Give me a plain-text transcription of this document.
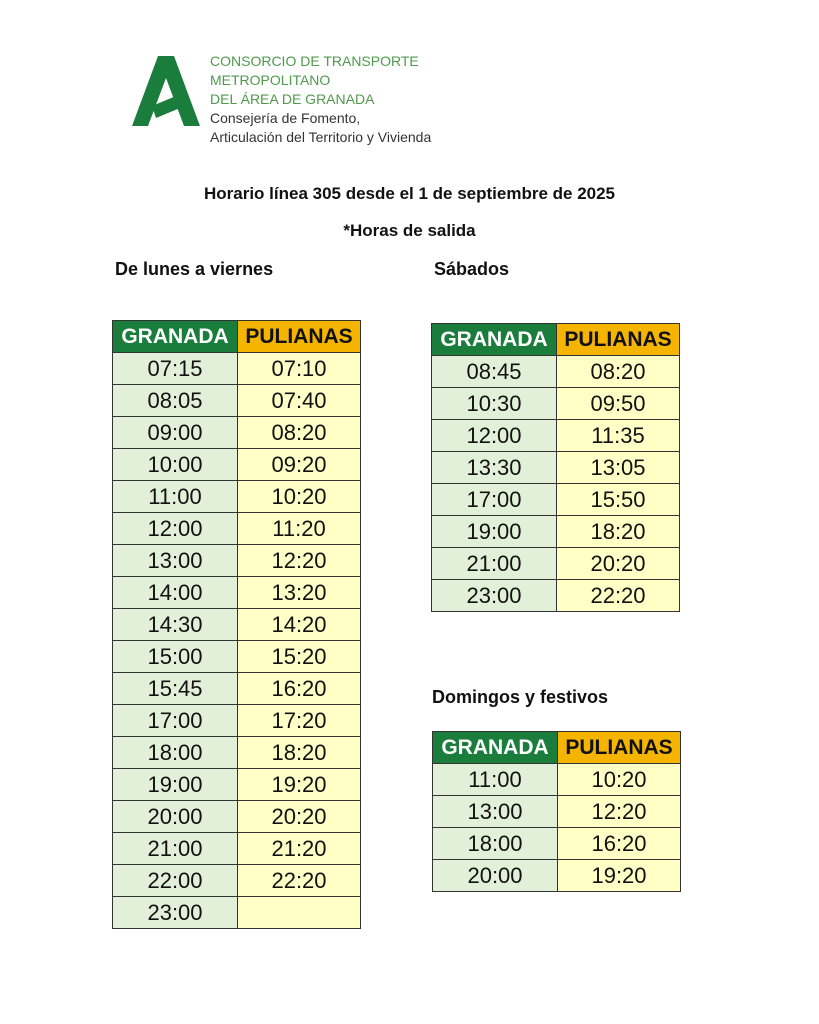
CONSORCIO DE TRANSPORTE METROPOLITANO
DEL ÁREA DE GRANADA
Consejería de Fomento,
Articulación del Territorio y Vivienda
Horario línea 305 desde el 1 de septiembre de 2025
*Horas de salida
De lunes a viernes	Sábados
Domingos y festivos
GRANADA	PULIANAS
07:15	07:10
08:05	07:40
09:00	08:20
10:00	09:20
11:00	10:20
12:00	11:20
13:00	12:20
14:00	13:20
14:30	14:20
15:00	15:20
15:45	16:20
17:00	17:20
18:00	18:20
19:00	19:20
20:00	20:20
21:00	21:20
22:00	22:20
23:00	
GRANADA	PULIANAS
08:45	08:20
10:30	09:50
12:00	11:35
13:30	13:05
17:00	15:50
19:00	18:20
21:00	20:20
23:00	22:20
GRANADA	PULIANAS
11:00	10:20
13:00	12:20
18:00	16:20
20:00	19:20
